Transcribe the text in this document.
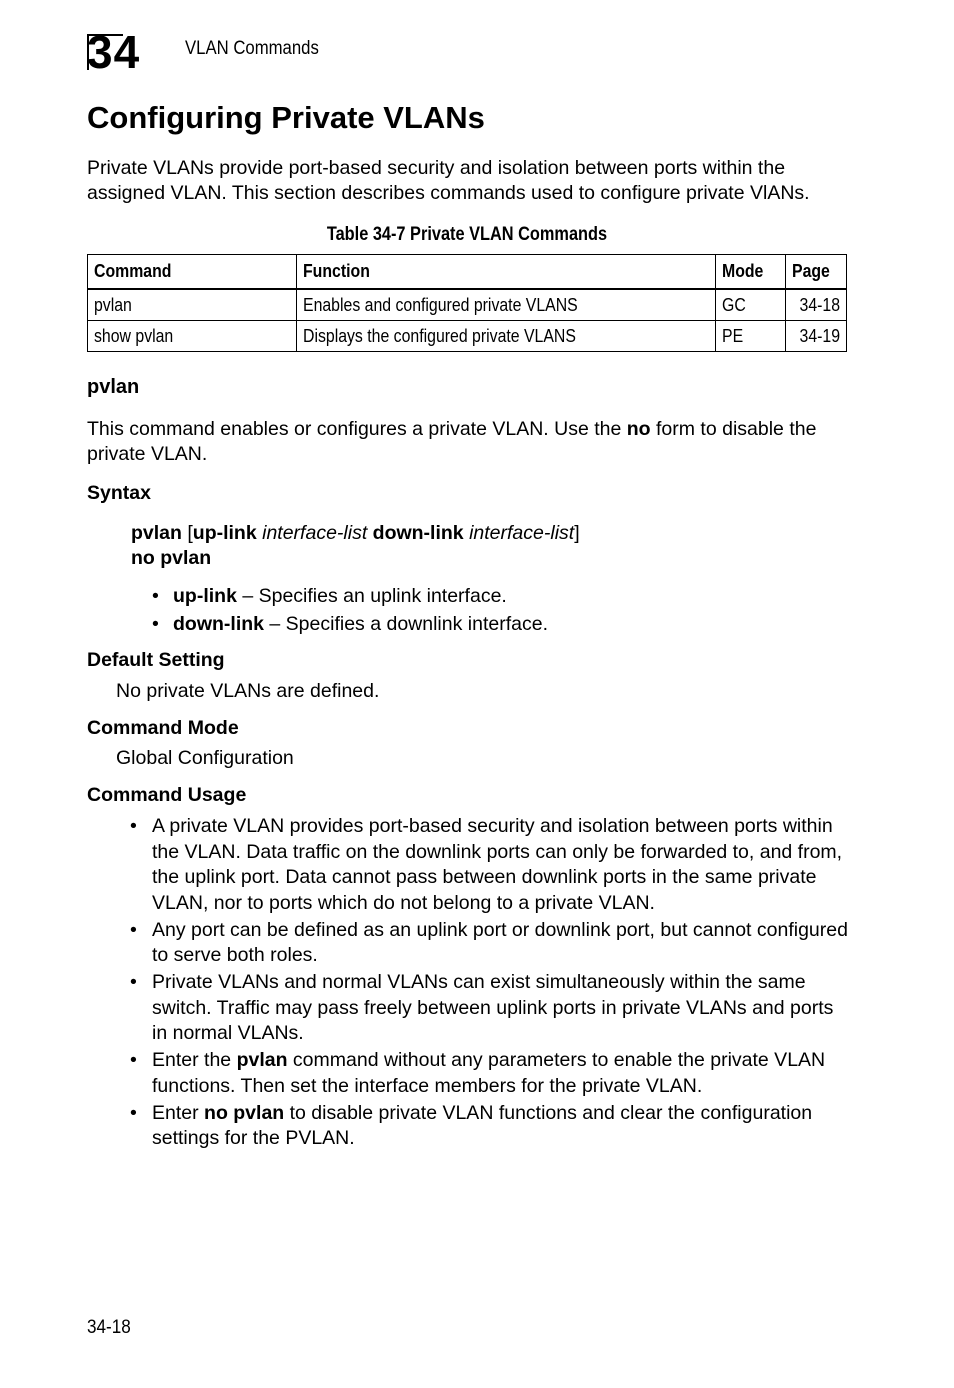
34 VLAN Commands
Configuring Private VLANs

Private VLANs provide port-based security and isolation between ports within the assigned VLAN. This section describes commands used to configure private VlANs.

Table 34-7 Private VLAN Commands
Command	Function	Mode	Page
pvlan	Enables and configured private VLANS	GC	34-18
show pvlan	Displays the configured private VLANS	PE	34-19
pvlan

This command enables or configures a private VLAN. Use the no form to disable the private VLAN.

Syntax

pvlan [up-link interface-list down-link interface-list]

no pvlan

• up-link – Specifies an uplink interface.
• down-link – Specifies a downlink interface.
Default Setting

No private VLANs are defined.

Command Mode

Global Configuration

Command Usage
• A private VLAN provides port-based security and isolation between ports within the VLAN. Data traffic on the downlink ports can only be forwarded to, and from, the uplink port. Data cannot pass between downlink ports in the same private VLAN, nor to ports which do not belong to a private VLAN.
• Any port can be defined as an uplink port or downlink port, but cannot configured to serve both roles.
• Private VLANs and normal VLANs can exist simultaneously within the same switch. Traffic may pass freely between uplink ports in private VLANs and ports in normal VLANs.
• Enter the pvlan command without any parameters to enable the private VLAN functions. Then set the interface members for the private VLAN.
• Enter no pvlan to disable private VLAN functions and clear the configuration settings for the PVLAN.
34-18
